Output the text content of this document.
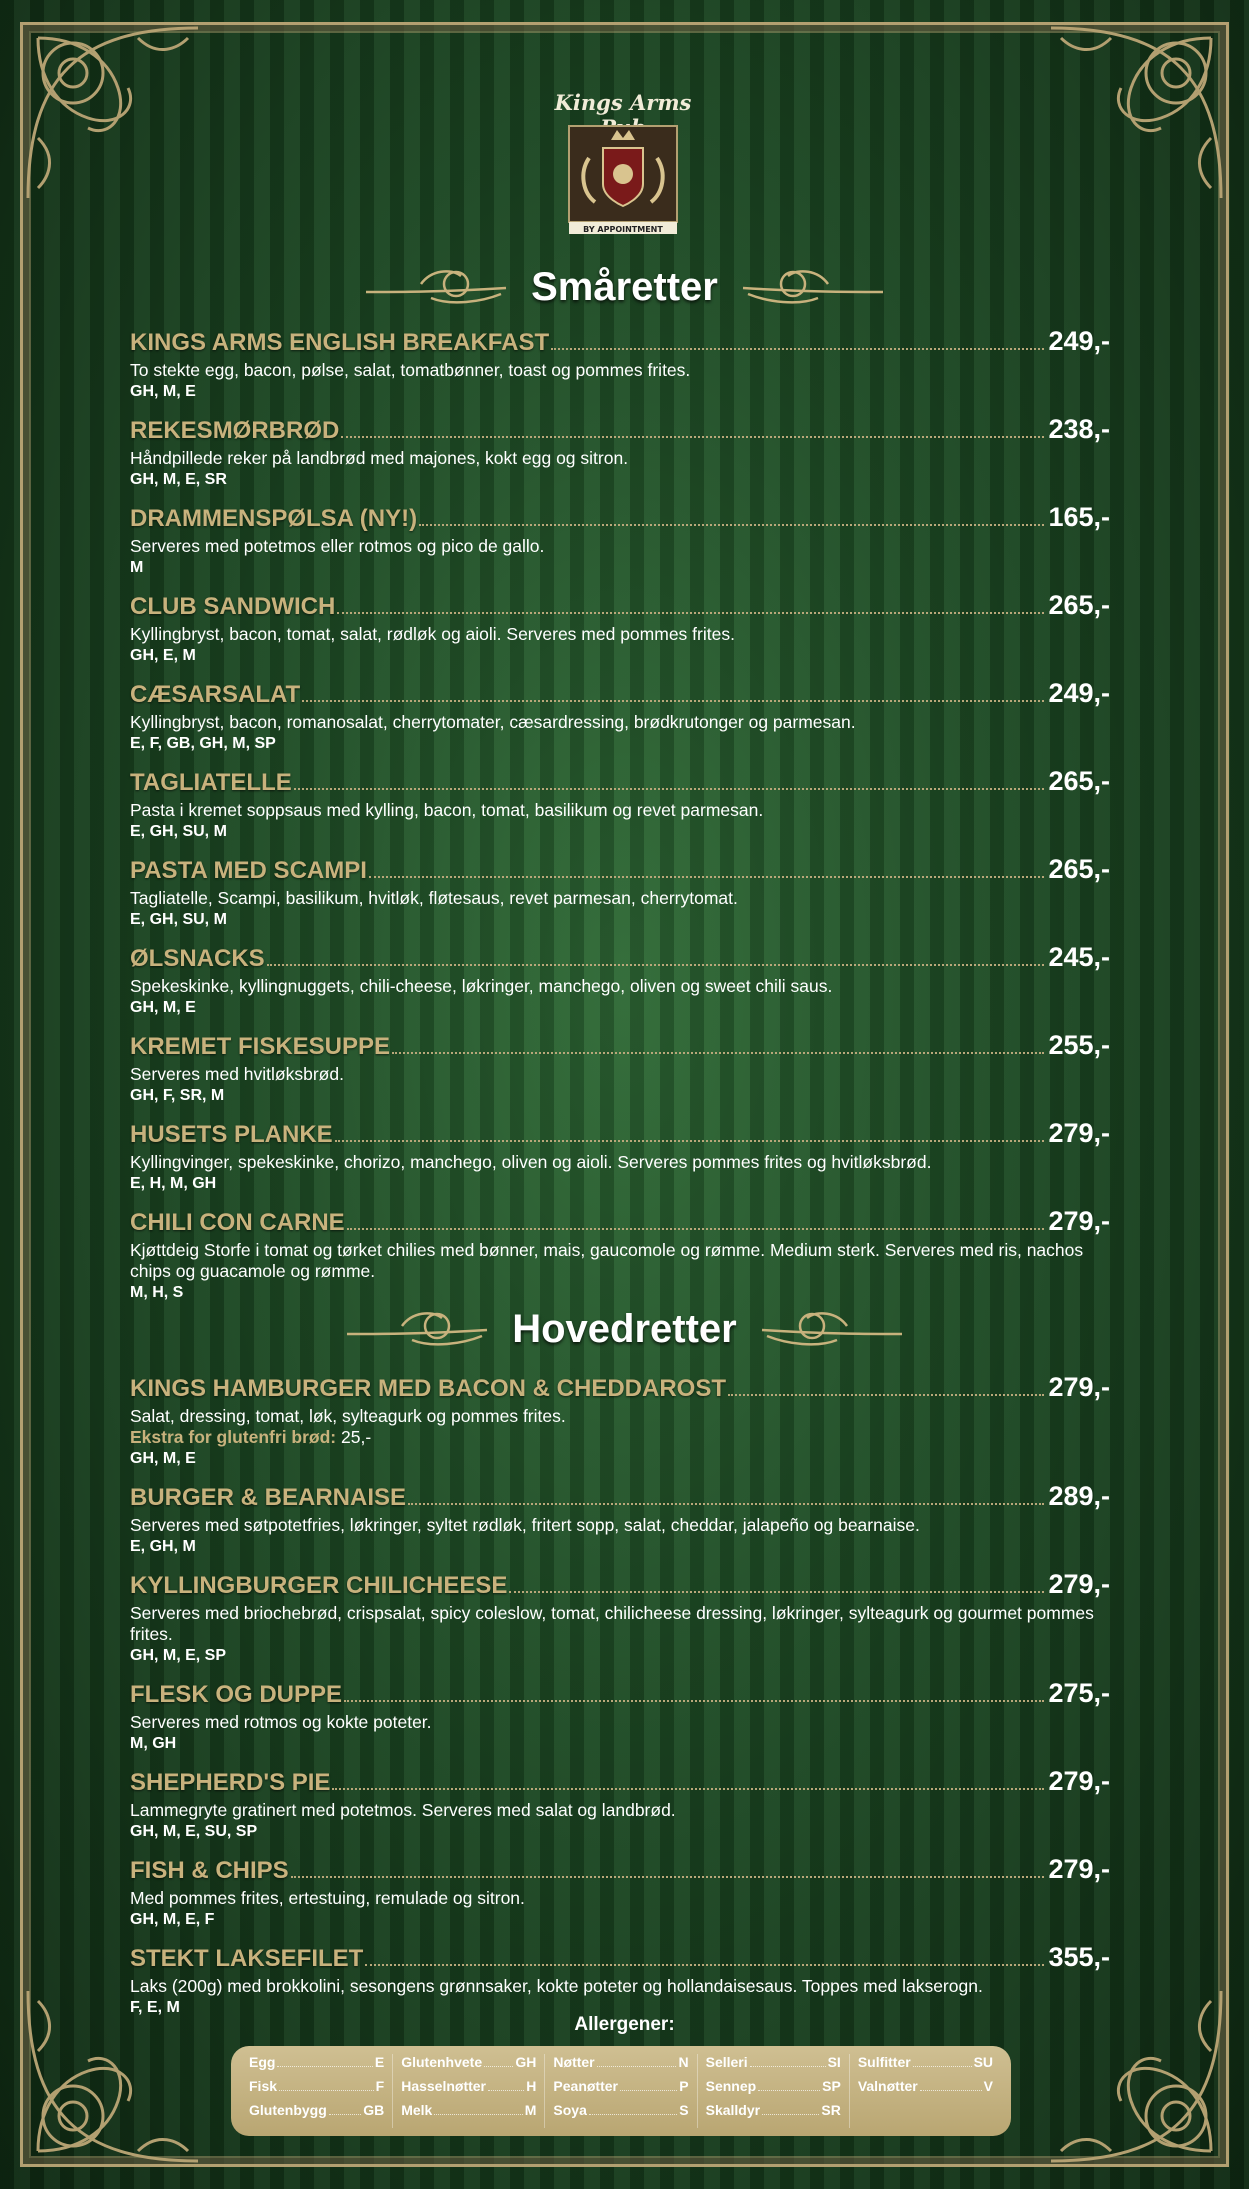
Kings Arms
BY APPOINTMENT
Småretter
KINGS ARMS ENGLISH BREAKFAST	249,-
To stekte egg, bacon, pølse, salat, tomatbønner, toast og pommes frites.
GH, M, E
REKESMØRBRØD	238,-
Håndpillede reker på landbrød med majones, kokt egg og sitron.
GH, M, E, SR
DRAMMENSPØLSA (NY!)	165,-
Serveres med potetmos eller rotmos og pico de gallo.
M
CLUB SANDWICH	265,-
Kyllingbryst, bacon, tomat, salat, rødløk og aioli. Serveres med pommes frites.
GH, E, M
CÆSARSALAT	249,-
Kyllingbryst, bacon, romanosalat, cherrytomater, cæsardressing, brødkrutonger og parmesan.
E, F, GB, GH, M, SP
TAGLIATELLE	265,-
Pasta i kremet soppsaus med kylling, bacon, tomat, basilikum og revet parmesan.
E, GH, SU, M
PASTA MED SCAMPI	265,-
Tagliatelle, Scampi, basilikum, hvitløk, fløtesaus, revet parmesan, cherrytomat.
E, GH, SU, M
ØLSNACKS	245,-
Spekeskinke, kyllingnuggets, chili-cheese, løkringer, manchego, oliven og sweet chili saus.
GH, M, E
KREMET FISKESUPPE	255,-
Serveres med hvitløksbrød.
GH, F, SR, M
HUSETS PLANKE	279,-
Kyllingvinger, spekeskinke, chorizo, manchego, oliven og aioli. Serveres pommes frites og hvitløksbrød.
E, H, M, GH
CHILI CON CARNE	279,-
Kjøttdeig Storfe i tomat og tørket chilies med bønner, mais, gaucomole og rømme. Medium sterk. Serveres med ris, nachos chips og guacamole og rømme.
M, H, S
Hovedretter
KINGS HAMBURGER MED BACON & CHEDDAROST	279,-
Salat, dressing, tomat, løk, sylteagurk og pommes frites.
Ekstra for glutenfri brød: 25,-
GH, M, E
BURGER & BEARNAISE	289,-
Serveres med søtpotetfries, løkringer, syltet rødløk, fritert sopp, salat, cheddar, jalapeño og bearnaise.
E, GH, M
KYLLINGBURGER CHILICHEESE	279,-
Serveres med briochebrød, crispsalat, spicy coleslow, tomat, chilicheese dressing, løkringer, sylteagurk og gourmet pommes frites.
GH, M, E, SP
FLESK OG DUPPE	275,-
Serveres med rotmos og kokte poteter.
M, GH
SHEPHERD'S PIE	279,-
Lammegryte gratinert med potetmos. Serveres med salat og landbrød.
GH, M, E, SU, SP
FISH & CHIPS	279,-
Med pommes frites, ertestuing, remulade og sitron.
GH, M, E, F
STEKT LAKSEFILET	355,-
Laks (200g) med brokkolini, sesongens grønnsaker, kokte poteter og hollandaisesaus. Toppes med lakserogn.
F, E, M
Allergener:
Egg	E
Fisk	F
Glutenbygg	GB
Glutenhvete GH
Hasselnøtter	H
Melk	M
Nøtter	N
Peanøtter	P
Soya	S
Selleri	SI
Sennep	SP
Skalldyr	SR
Sulfitter	SU
Valnøtter	V
